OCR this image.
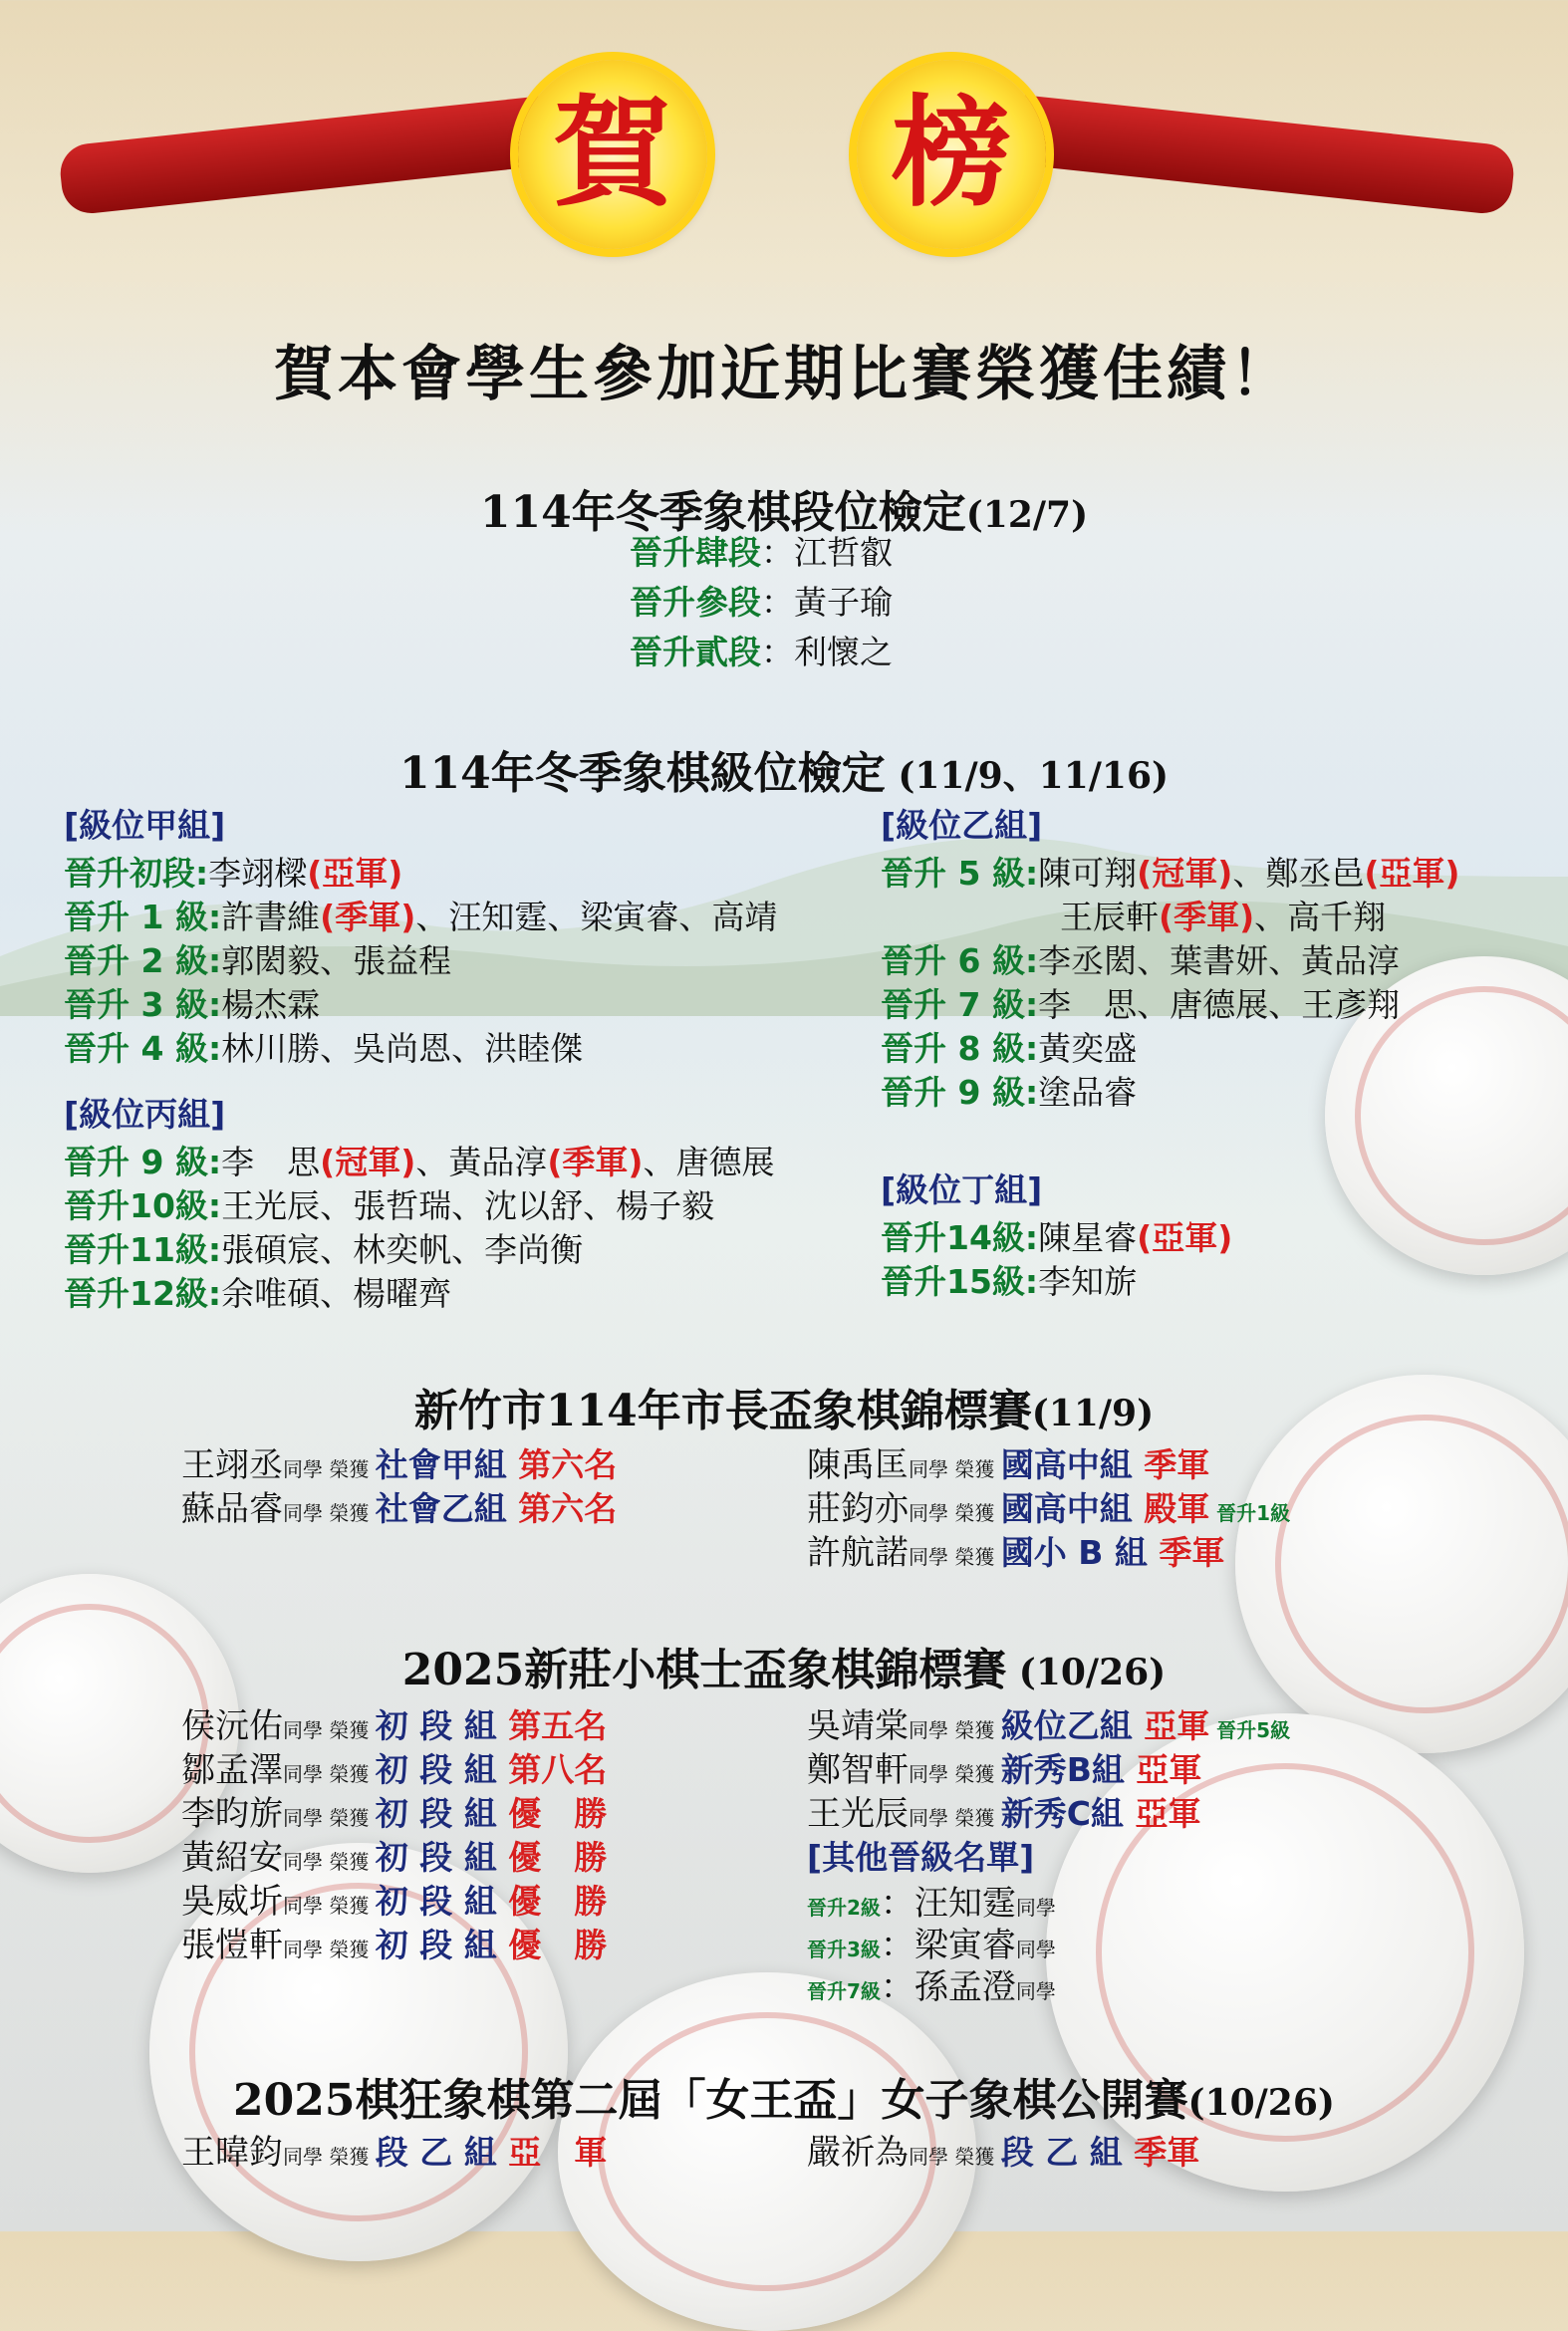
賀 榜
賀本會學生參加近期比賽榮獲佳績！
114年冬季象棋段位檢定(12/7)
晉升肆段：江哲叡
晉升參段：黃子瑜
晉升貳段：利懷之
114年冬季象棋級位檢定 (11/9、11/16)
[級位甲組]
晉升初段:李翊樑(亞軍)
晉升 1 級:許書維(季軍)、汪知霆、梁寅睿、高靖
晉升 2 級:郭閎毅、張益程
晉升 3 級:楊杰霖
晉升 4 級:林川勝、吳尚恩、洪睦傑
[級位丙組]
晉升 9 級:李　思(冠軍)、黃品淳(季軍)、唐德展
晉升10級:王光辰、張哲瑞、沈以舒、楊子毅
晉升11級:張碩宸、林奕帆、李尚衡
晉升12級:余唯碩、楊曜齊
[級位乙組]
晉升 5 級:陳可翔(冠軍)、鄭丞邑(亞軍)
王辰軒(季軍)、高千翔
晉升 6 級:李丞閎、葉書妍、黃品淳
晉升 7 級:李　思、唐德展、王彥翔
晉升 8 級:黃奕盛
晉升 9 級:塗品睿
[級位丁組]
晉升14級:陳星睿(亞軍)
晉升15級:李知旂
新竹市114年市長盃象棋錦標賽(11/9)
王翊丞同學 榮獲 社會甲組 第六名
蘇品睿同學 榮獲 社會乙組 第六名
陳禹匡同學 榮獲 國高中組 季軍
莊鈞亦同學 榮獲 國高中組 殿軍 晉升1級
許航諾同學 榮獲 國小 B 組 季軍
2025新莊小棋士盃象棋錦標賽 (10/26)
侯沅佑同學 榮獲 初 段 組 第五名
鄒孟澤同學 榮獲 初 段 組 第八名
李昀旂同學 榮獲 初 段 組 優　勝
黃紹安同學 榮獲 初 段 組 優　勝
吳威圻同學 榮獲 初 段 組 優　勝
張愷軒同學 榮獲 初 段 組 優　勝
吳靖棠同學 榮獲 級位乙組 亞軍 晉升5級
鄭智軒同學 榮獲 新秀B組 亞軍
王光辰同學 榮獲 新秀C組 亞軍
[其他晉級名單]
晉升2級：汪知霆同學
晉升3級：梁寅睿同學
晉升7級：孫孟澄同學
2025棋狂象棋第二屆「女王盃」女子象棋公開賽(10/26)
王暐鈞同學 榮獲 段 乙 組 亞　軍	嚴祈為同學 榮獲 段 乙 組 季軍
